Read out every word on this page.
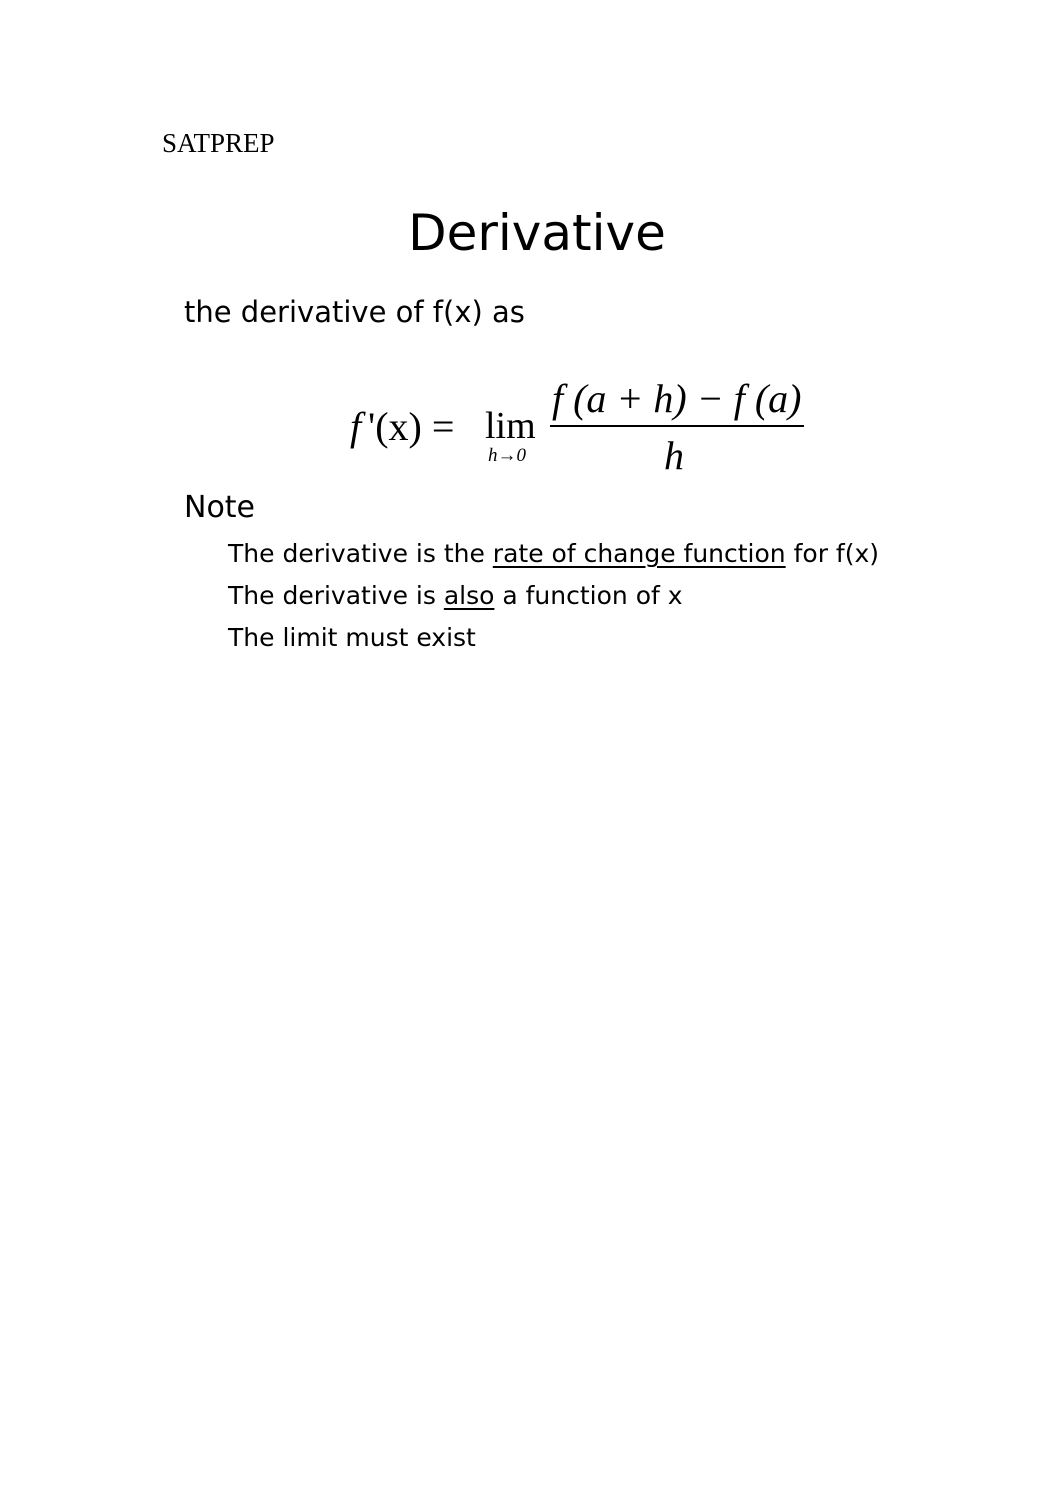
SATPREP
Derivative
the derivative of f(x) as
f '(x) = lim
h→0
f (a + h) − f (a)
h
Note
The derivative is the rate of change function for f(x)
The derivative is also a function of x
The limit must exist
